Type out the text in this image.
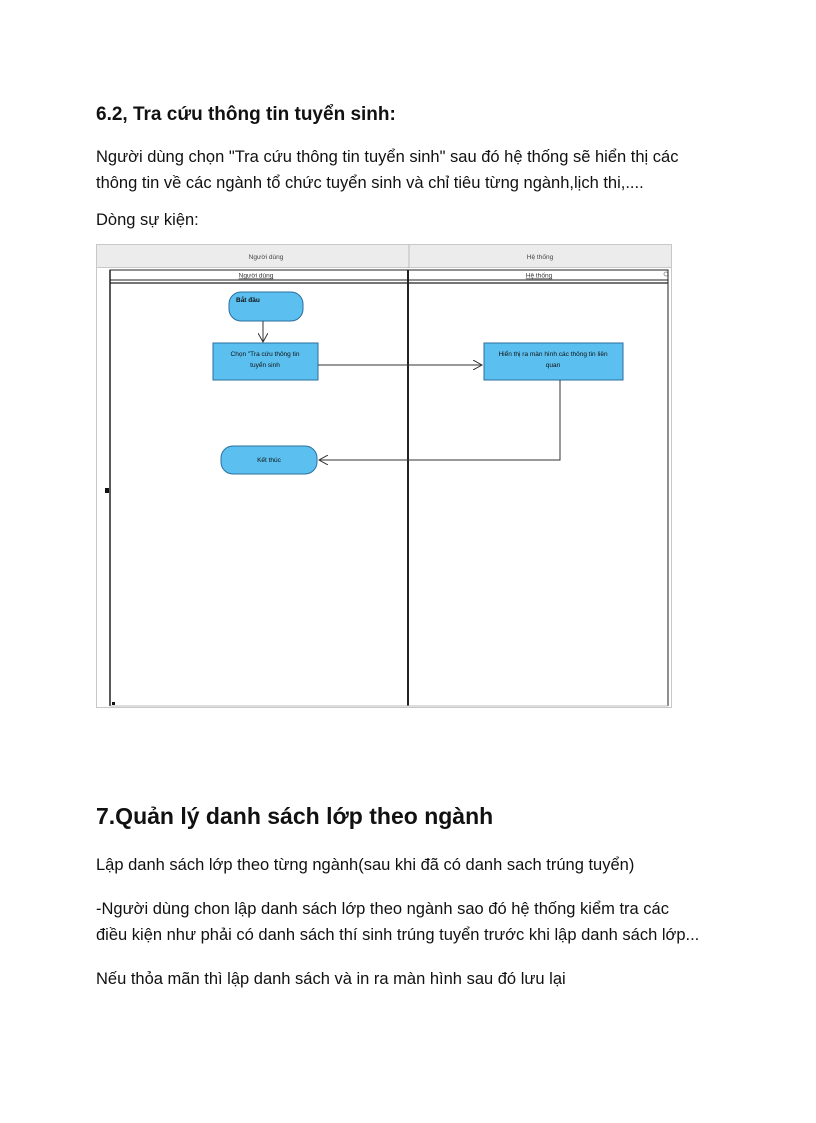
6.2, Tra cứu thông tin tuyển sinh:

Người dùng chọn "Tra cứu thông tin tuyển sinh" sau đó hệ thống sẽ hiển thị các

thông tin về các ngành tổ chức tuyển sinh và chỉ tiêu từng ngành,lịch thi,....

Dòng sự kiện:

Người dùng	Hệ thống
Người dùng	Hệ thống
Bắt đầu
Chọn "Tra cứu thông tin
tuyển sinh
Hiển thị ra màn hình các thông tin liên
quan
Kết thúc
7.Quản lý danh sách lớp theo ngành

Lập danh sách lớp theo từng ngành(sau khi đã có danh sach trúng tuyển)

-Người dùng chon lập danh sách lớp theo ngành sao đó hệ thống kiểm tra các

điều kiện như phải có danh sách thí sinh trúng tuyển trước khi lập danh sách lớp...

Nếu thỏa mãn thì lập danh sách và in ra màn hình sau đó lưu lại
